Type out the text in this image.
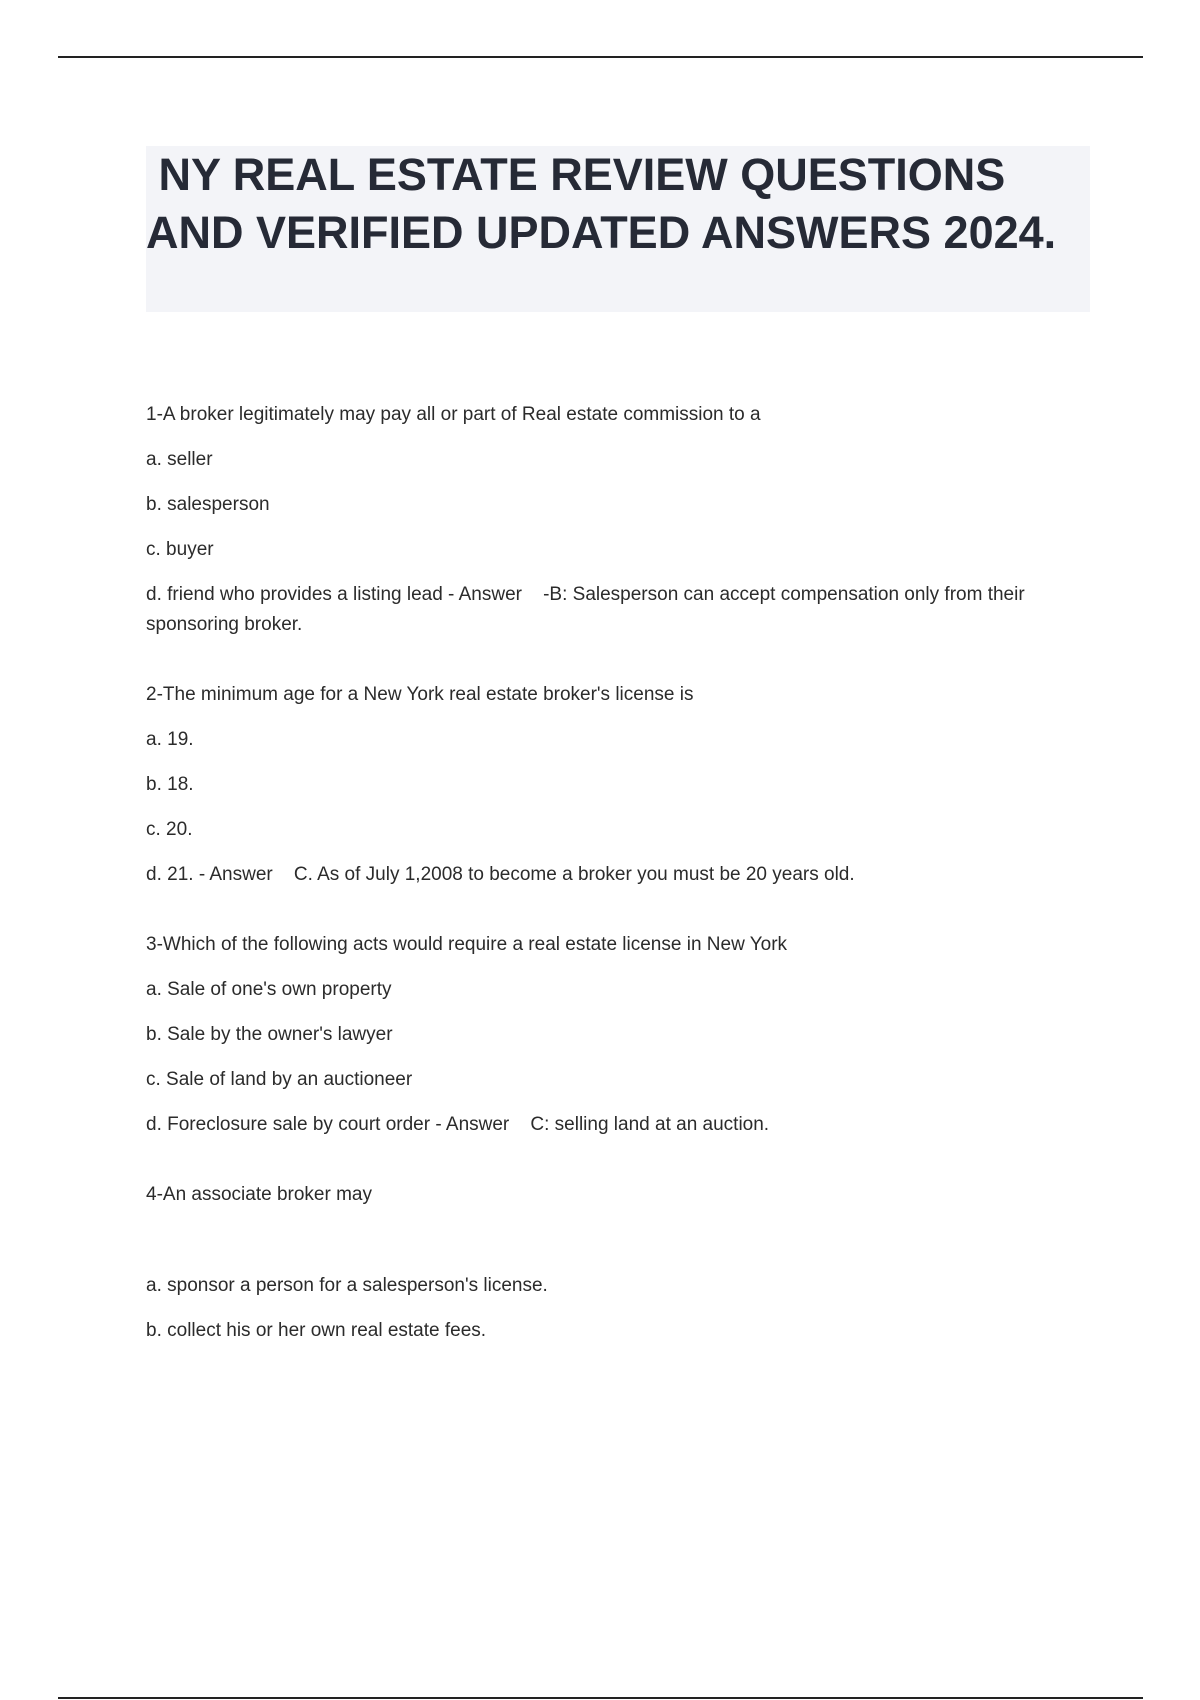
NY REAL ESTATE REVIEW QUESTIONS AND VERIFIED UPDATED ANSWERS 2024.
1-A broker legitimately may pay all or part of Real estate commission to a
a. seller
b. salesperson
c. buyer
d. friend who provides a listing lead - Answer    -B: Salesperson can accept compensation only from their sponsoring broker.
2-The minimum age for a New York real estate broker's license is
a. 19.
b. 18.
c. 20.
d. 21. - Answer    C. As of July 1,2008 to become a broker you must be 20 years old.
3-Which of the following acts would require a real estate license in New York
a. Sale of one's own property
b. Sale by the owner's lawyer
c. Sale of land by an auctioneer
d. Foreclosure sale by court order - Answer    C: selling land at an auction.
4-An associate broker may
a. sponsor a person for a salesperson's license.
b. collect his or her own real estate fees.
